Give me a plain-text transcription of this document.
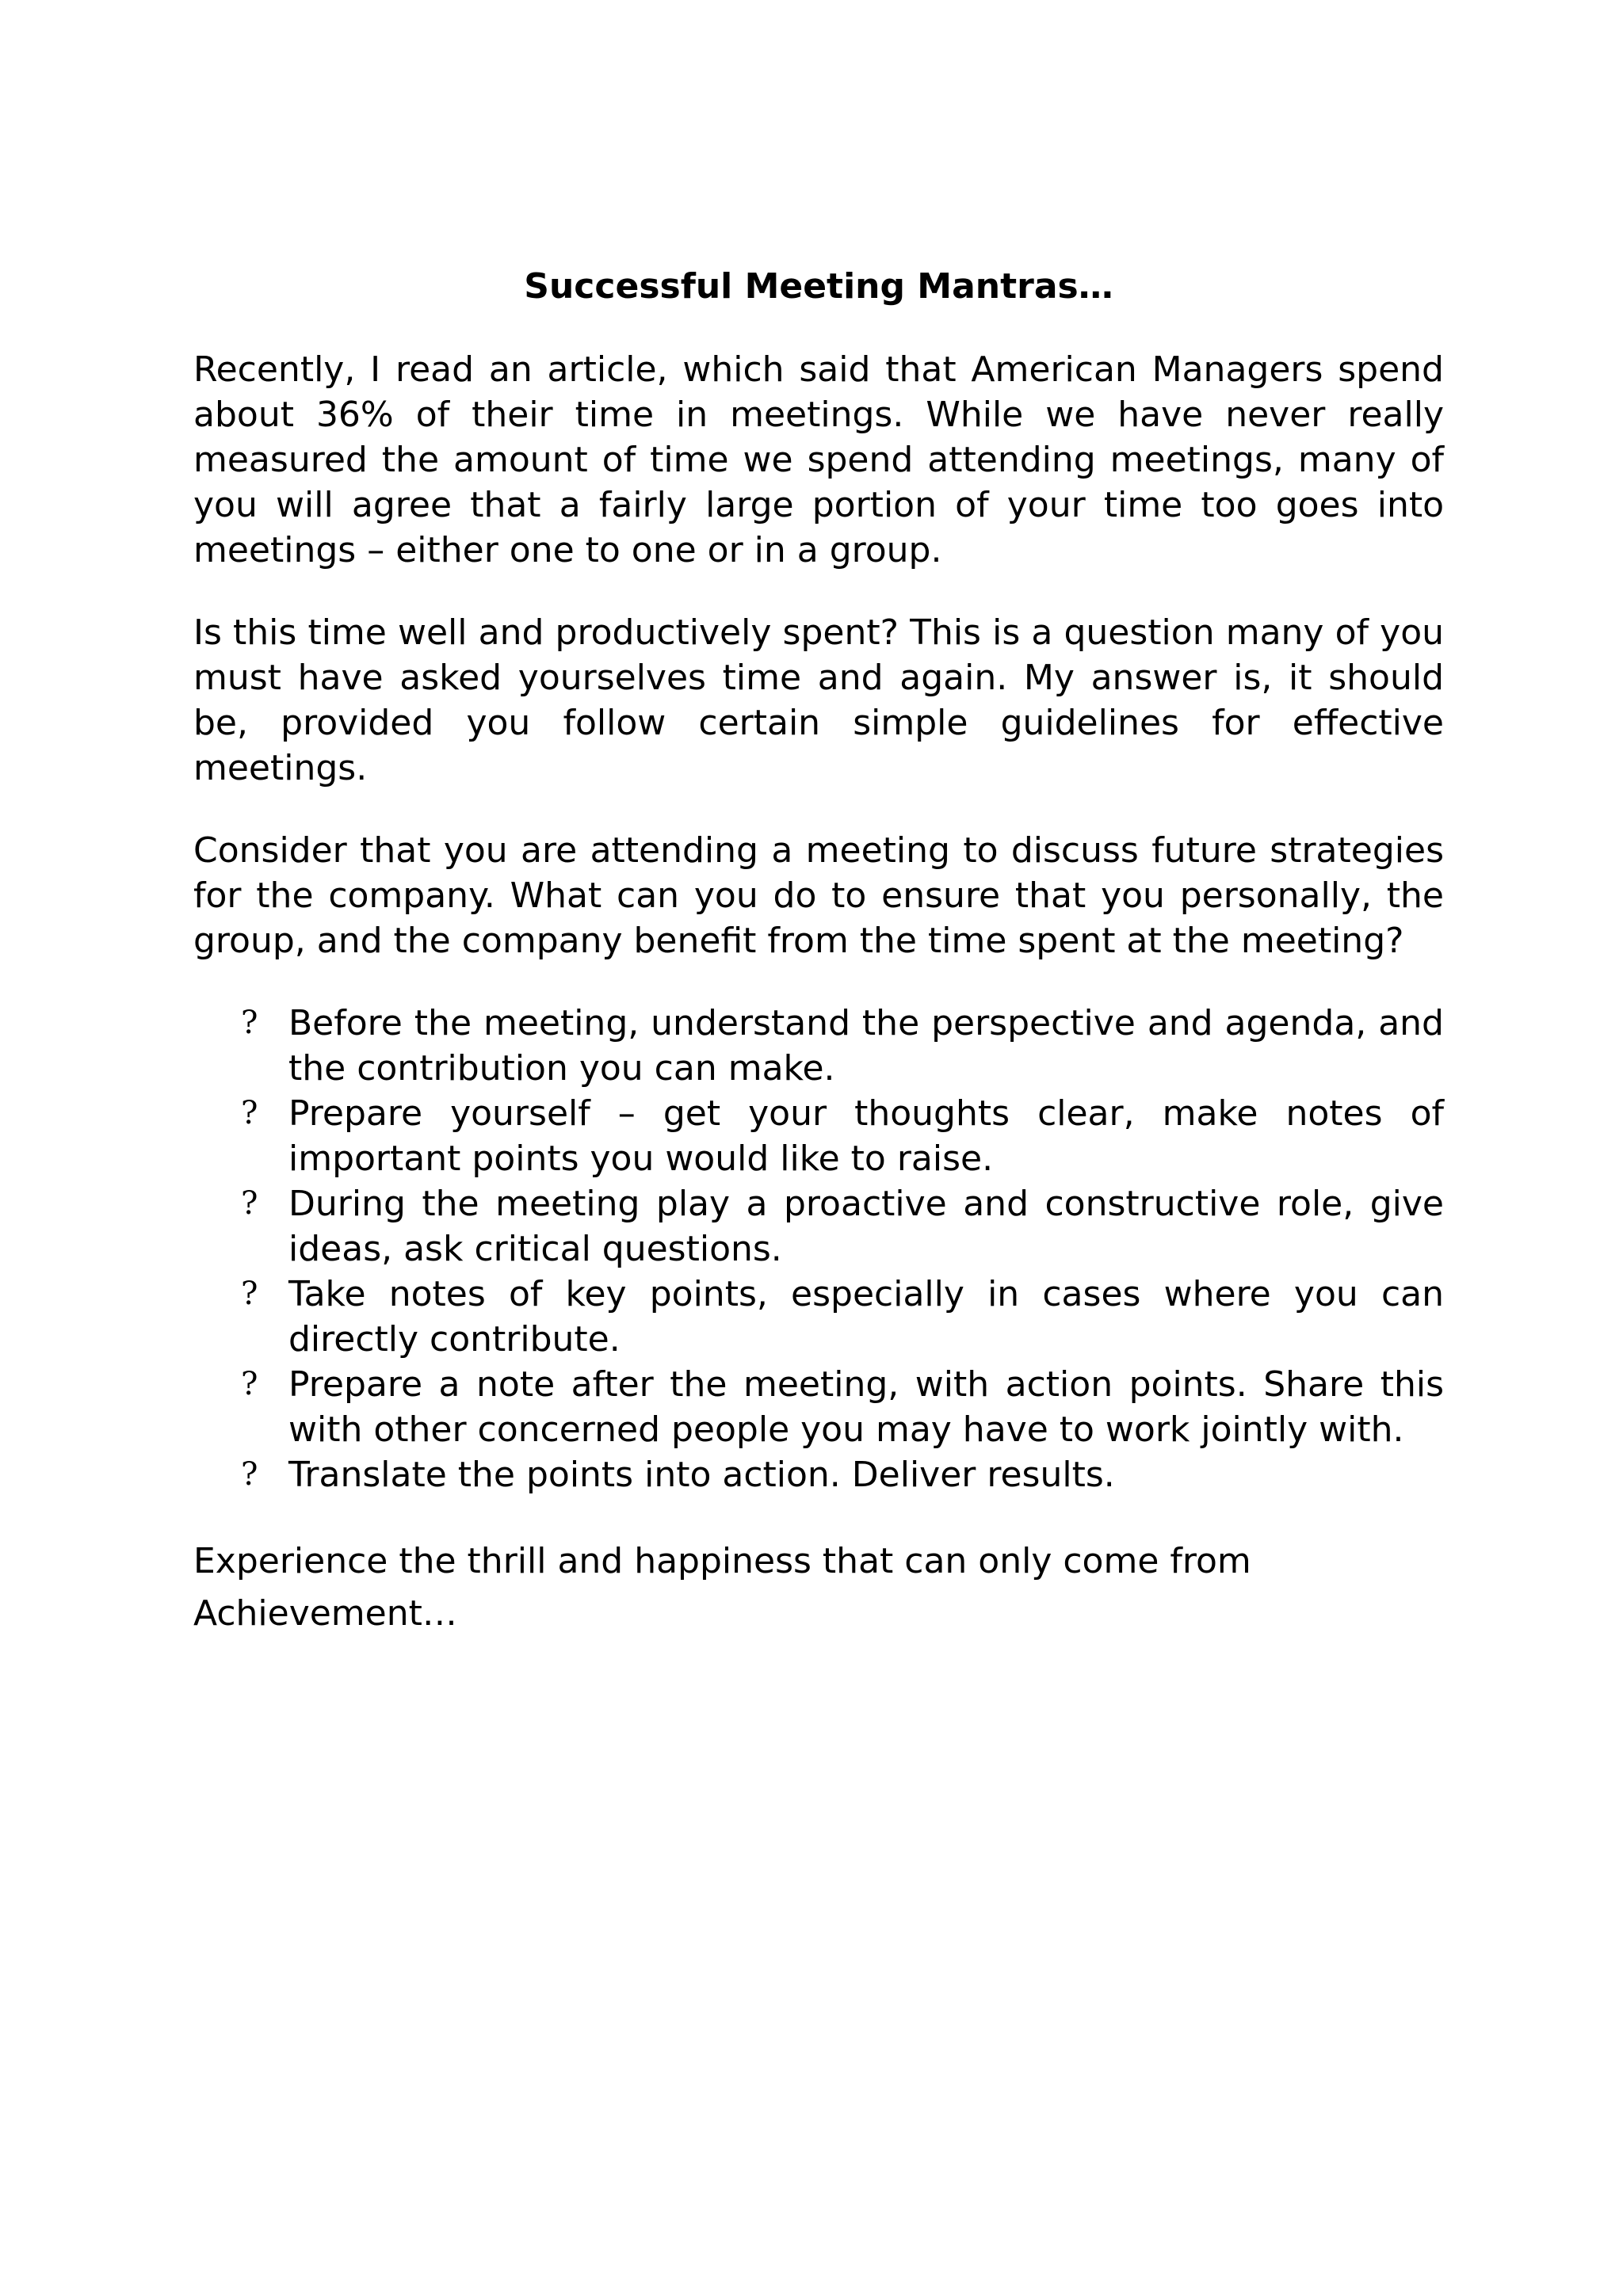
Successful Meeting Mantras…

Recently, I read an article, which said that American Managers spend about 36% of their time in meetings. While we have never really measured the amount of time we spend attending meetings, many of you will agree that a fairly large portion of your time too goes into meetings – either one to one or in a group.

Is this time well and productively spent? This is a question many of you must have asked yourselves time and again. My answer is, it should be, provided you follow certain simple guidelines for effective meetings.

Consider that you are attending a meeting to discuss future strategies for the company. What can you do to ensure that you personally, the group, and the company benefit from the time spent at the meeting?

? Before the meeting, understand the perspective and agenda, and the contribution you can make.
? Prepare yourself – get your thoughts clear, make notes of important points you would like to raise.
? During the meeting play a proactive and constructive role, give ideas, ask critical questions.
? Take notes of key points, especially in cases where you can directly contribute.
? Prepare a note after the meeting, with action points. Share this with other concerned people you may have to work jointly with.
? Translate the points into action. Deliver results.

Experience the thrill and happiness that can only come from
Achievement…
